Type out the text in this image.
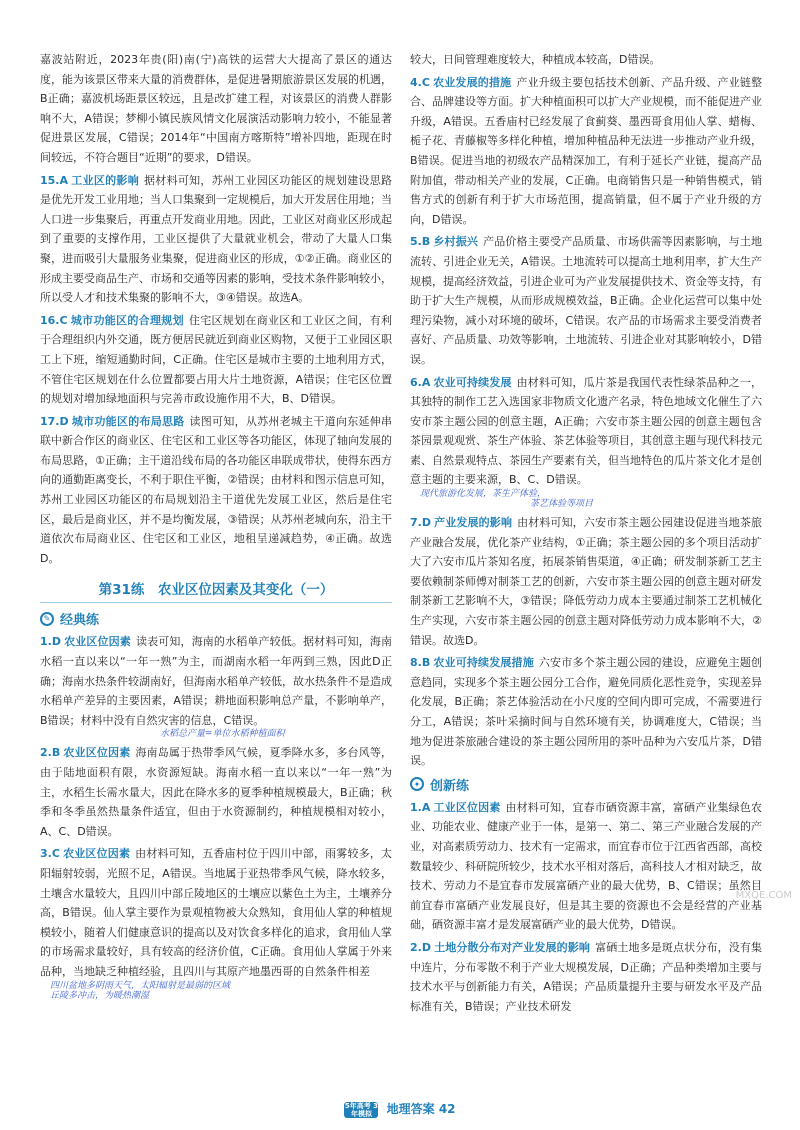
嘉波站附近，2023年贵(阳)南(宁)高铁的运营大大提高了景区的通达度，能为该景区带来大量的消费群体，是促进暑期旅游景区发展的机遇，B正确；嘉波机场距景区较远，且是改扩建工程，对该景区的消费人群影响不大，A错误；梦柳小镇民族风情文化展演活动影响力较小，不能显著促进景区发展，C错误；2014年“中国南方喀斯特”增补四地，距现在时间较远，不符合题目“近期”的要求，D错误。

15.A 工业区的影响 据材料可知，苏州工业园区功能区的规划建设思路是优先开发工业用地；当人口集聚到一定规模后，加大开发居住用地；当人口进一步集聚后，再重点开发商业用地。因此，工业区对商业区形成起到了重要的支撑作用，工业区提供了大量就业机会，带动了大量人口集聚，进而吸引大量服务业集聚，促进商业区的形成，①②正确。商业区的形成主要受商品生产、市场和交通等因素的影响，受技术条件影响较小，所以受人才和技术集聚的影响不大，③④错误。故选A。

16.C 城市功能区的合理规划 住宅区规划在商业区和工业区之间，有利于合理组织内外交通，既方便居民就近到商业区购物，又便于工业园区职工上下班，缩短通勤时间，C正确。住宅区是城市主要的土地利用方式，不管住宅区规划在什么位置都要占用大片土地资源，A错误；住宅区位置的规划对增加绿地面积与完善市政设施作用不大，B、D错误。

17.D 城市功能区的布局思路 读图可知，从苏州老城主干道向东延伸串联中新合作区的商业区、住宅区和工业区等各功能区，体现了轴向发展的布局思路，①正确；主干道沿线布局的各功能区串联成带状，使得东西方向的通勤距离变长，不利于职住平衡，②错误；由材料和图示信息可知，苏州工业园区功能区的布局规划沿主干道优先发展工业区，然后是住宅区，最后是商业区，并不是均衡发展，③错误；从苏州老城向东，沿主干道依次布局商业区、住宅区和工业区，地租呈递减趋势，④正确。故选D。

第31练　农业区位因素及其变化（一）
✎ 经典练

1.D 农业区位因素 读表可知，海南的水稻单产较低。据材料可知，海南水稻一直以来以“一年一熟”为主，而湖南水稻一年两到三熟，因此D正确；海南水热条件较湖南好，但海南水稻单产较低，故水热条件不是造成水稻单产差异的主要因素，A错误；耕地面积影响总产量，不影响单产，B错误；材料中没有自然灾害的信息，C错误。
水稻总产量=单位水稻种植面积

2.B 农业区位因素 海南岛属于热带季风气候，夏季降水多，多台风等，由于陆地面积有限，水资源短缺。海南水稻一直以来以“一年一熟”为主，水稻生长需水量大，因此在降水多的夏季种植规模最大，B正确；秋季和冬季虽然热量条件适宜，但由于水资源制约，种植规模相对较小，A、C、D错误。

3.C 农业区位因素 由材料可知，五香庙村位于四川中部，雨雾较多，太阳辐射较弱，光照不足，A错误。当地属于亚热带季风气候，降水较多，土壤含水量较大，且四川中部丘陵地区的土壤应以紫色土为主，土壤养分高，B错误。仙人掌主要作为景观植物被大众熟知，食用仙人掌的种植规模较小，随着人们健康意识的提高以及对饮食多样化的追求，食用仙人掌的市场需求量较好，具有较高的经济价值，C正确。食用仙人掌属于外来品种，当地缺乏种植经验，且四川与其原产地墨西哥的自然条件相差
四川盆地多阴雨天气，太阳辐射是最弱的区域
丘陵多冲击，为暖热潮湿

较大，日间管理难度较大，种植成本较高，D错误。

4.C 农业发展的措施 产业升级主要包括技术创新、产品升级、产业链整合、品牌建设等方面。扩大种植面积可以扩大产业规模，而不能促进产业升级，A错误。五香庙村已经发展了食蓟葵、墨西哥食用仙人掌、蜡梅、栀子花、青藤椒等多样化种植，增加种植品种无法进一步推动产业升级，B错误。促进当地的初级农产品精深加工，有利于延长产业链，提高产品附加值，带动相关产业的发展，C正确。电商销售只是一种销售模式，销售方式的创新有利于扩大市场范围，提高销量，但不属于产业升级的方向，D错误。

5.B 乡村振兴 产品价格主要受产品质量、市场供需等因素影响，与土地流转、引进企业无关，A错误。土地流转可以提高土地利用率，扩大生产规模，提高经济效益，引进企业可为产业发展提供技术、资金等支持，有助于扩大生产规模，从而形成规模效益，B正确。企业化运营可以集中处理污染物，减小对环境的破坏，C错误。农产品的市场需求主要受消费者喜好、产品质量、功效等影响，土地流转、引进企业对其影响较小，D错误。

6.A 农业可持续发展 由材料可知，瓜片茶是我国代表性绿茶品种之一，其独特的制作工艺入选国家非物质文化遗产名录，特色地域文化催生了六安市茶主题公园的创意主题，A正确；六安市茶主题公园的创意主题包含茶园景观观赏、茶生产体验、茶艺体验等项目，其创意主题与现代科技元素、自然景观特点、茶园生产要素有关，但当地特色的瓜片茶文化才是创意主题的主要来源，B、C、D错误。
现代旅游化发展，茶生产体验，
茶艺体验等项目

7.D 产业发展的影响 由材料可知，六安市茶主题公园建设促进当地茶旅产业融合发展，优化茶产业结构，①正确；茶主题公园的多个项目活动扩大了六安市瓜片茶知名度，拓展茶销售渠道，④正确；研发制茶新工艺主要依赖制茶师傅对制茶工艺的创新，六安市茶主题公园的创意主题对研发制茶新工艺影响不大，③错误；降低劳动力成本主要通过制茶工艺机械化生产实现，六安市茶主题公园的创意主题对降低劳动力成本影响不大，②错误。故选D。

8.B 农业可持续发展措施 六安市多个茶主题公园的建设，应避免主题创意趋同，实现多个茶主题公园分工合作，避免同质化恶性竞争，实现差异化发展，B正确；茶艺体验活动在小尺度的空间内即可完成，不需要进行分工，A错误；茶叶采摘时间与自然环境有关，协调难度大，C错误；当地为促进茶旅融合建设的茶主题公园所用的茶叶品种为六安瓜片茶，D错误。

✦ 创新练

1.A 工业区位因素 由材料可知，宜春市硒资源丰富，富硒产业集绿色农业、功能农业、健康产业于一体，是第一、第二、第三产业融合发展的产业，对高素质劳动力、技术有一定需求，而宜春市位于江西省西部，高校数量较少、科研院所较少，技术水平相对落后，高科技人才相对缺乏，故技术、劳动力不是宜春市发展富硒产业的最大优势，B、C错误；虽然目前宜春市富硒产业发展良好，但是其主要的资源也不会是经营的产业基础，硒资源丰富才是发展富硒产业的最大优势，D错误。

2.D 土地分散分布对产业发展的影响 富硒土地多是斑点状分布，没有集中连片，分布零散不利于产业大规模发展，D正确；产品种类增加主要与技术水平与创新能力有关，A错误；产品质量提升主要与研发水平及产品标准有关，B错误；产业技术研发

MXQE.COM
5年高考 3年模拟 地理答案 42
